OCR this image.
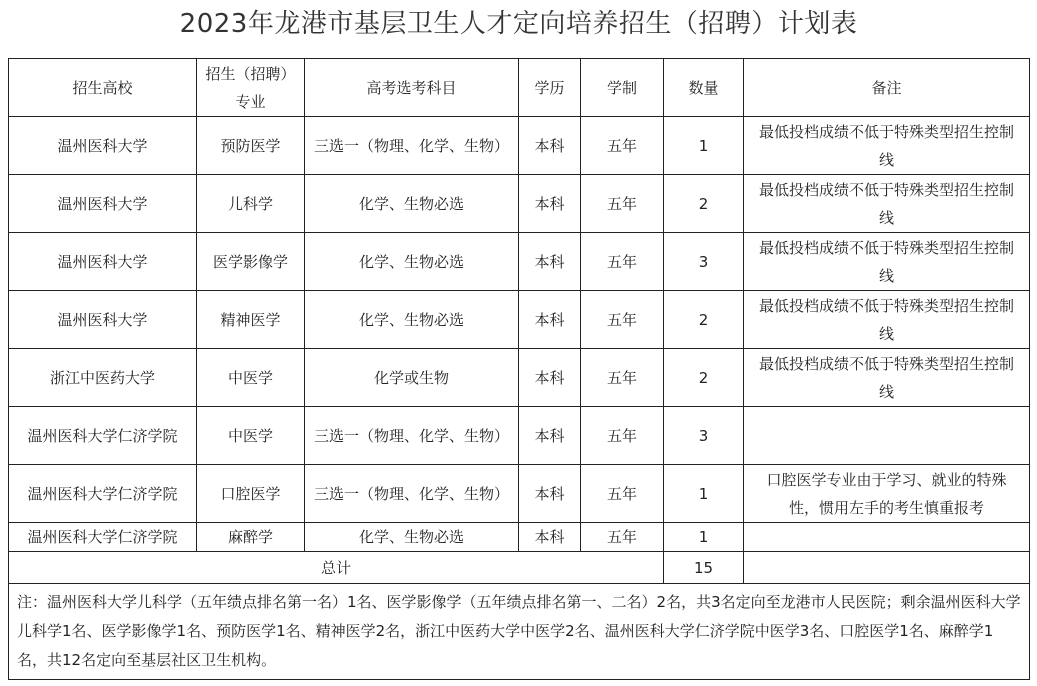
2023年龙港市基层卫生人才定向培养招生（招聘）计划表
招生高校	招生（招聘）专业	高考选考科目	学历	学制	数量	备注
温州医科大学	预防医学	三选一（物理、化学、生物）	本科	五年	1	最低投档成绩不低于特殊类型招生控制线
温州医科大学	儿科学	化学、生物必选	本科	五年	2	最低投档成绩不低于特殊类型招生控制线
温州医科大学	医学影像学	化学、生物必选	本科	五年	3	最低投档成绩不低于特殊类型招生控制线
温州医科大学	精神医学	化学、生物必选	本科	五年	2	最低投档成绩不低于特殊类型招生控制线
浙江中医药大学	中医学	化学或生物	本科	五年	2	最低投档成绩不低于特殊类型招生控制线
温州医科大学仁济学院	中医学	三选一（物理、化学、生物）	本科	五年	3	
温州医科大学仁济学院	口腔医学	三选一（物理、化学、生物）	本科	五年	1	口腔医学专业由于学习、就业的特殊性，惯用左手的考生慎重报考
温州医科大学仁济学院	麻醉学	化学、生物必选	本科	五年	1	
总计					15	
注：温州医科大学儿科学（五年绩点排名第一名）1名、医学影像学（五年绩点排名第一、二名）2名，共3名定向至龙港市人民医院；剩余温州医科大学儿科学1名、医学影像学1名、预防医学1名、精神医学2名，浙江中医药大学中医学2名、温州医科大学仁济学院中医学3名、口腔医学1名、麻醉学1名，共12名定向至基层社区卫生机构。						
